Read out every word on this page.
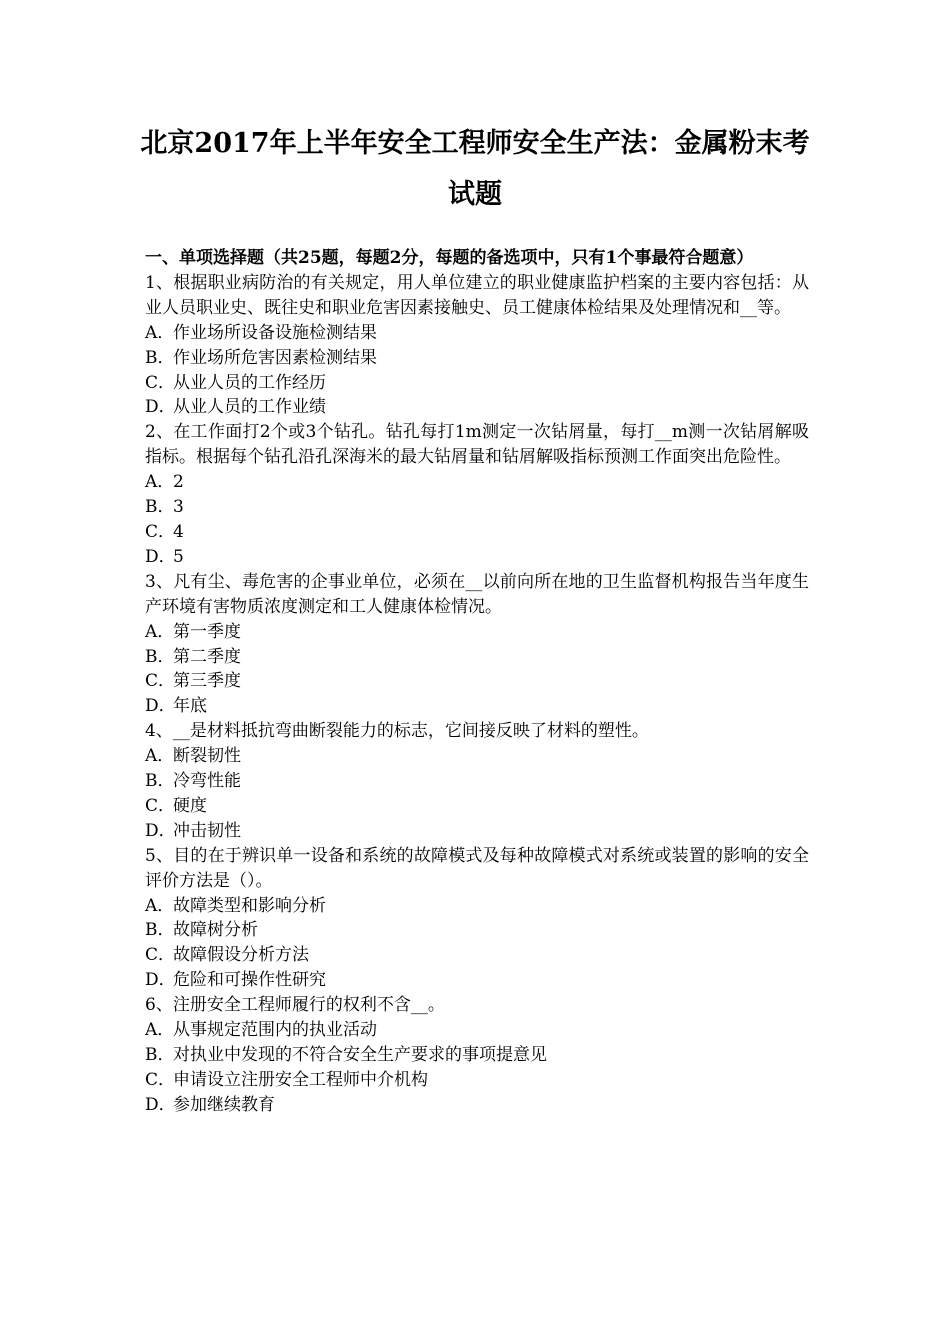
北京2017年上半年安全工程师安全生产法：金属粉末考试题

一、单项选择题（共25题，每题2分，每题的备选项中，只有1个事最符合题意）

1、根据职业病防治的有关规定，用人单位建立的职业健康监护档案的主要内容包括：从业人员职业史、既往史和职业危害因素接触史、员工健康体检结果及处理情况和__等。

A．作业场所设备设施检测结果

B．作业场所危害因素检测结果

C．从业人员的工作经历

D．从业人员的工作业绩

2、在工作面打2个或3个钻孔。钻孔每打1m测定一次钻屑量，每打__m测一次钻屑解吸指标。根据每个钻孔沿孔深海米的最大钻屑量和钻屑解吸指标预测工作面突出危险性。

A．2

B．3

C．4

D．5

3、凡有尘、毒危害的企事业单位，必须在__以前向所在地的卫生监督机构报告当年度生产环境有害物质浓度测定和工人健康体检情况。

A．第一季度

B．第二季度

C．第三季度

D．年底

4、__是材料抵抗弯曲断裂能力的标志，它间接反映了材料的塑性。

A．断裂韧性

B．冷弯性能

C．硬度

D．冲击韧性

5、目的在于辨识单一设备和系统的故障模式及每种故障模式对系统或装置的影响的安全评价方法是（）。

A．故障类型和影响分析

B．故障树分析

C．故障假设分析方法

D．危险和可操作性研究

6、注册安全工程师履行的权利不含__。

A．从事规定范围内的执业活动

B．对执业中发现的不符合安全生产要求的事项提意见

C．申请设立注册安全工程师中介机构

D．参加继续教育
